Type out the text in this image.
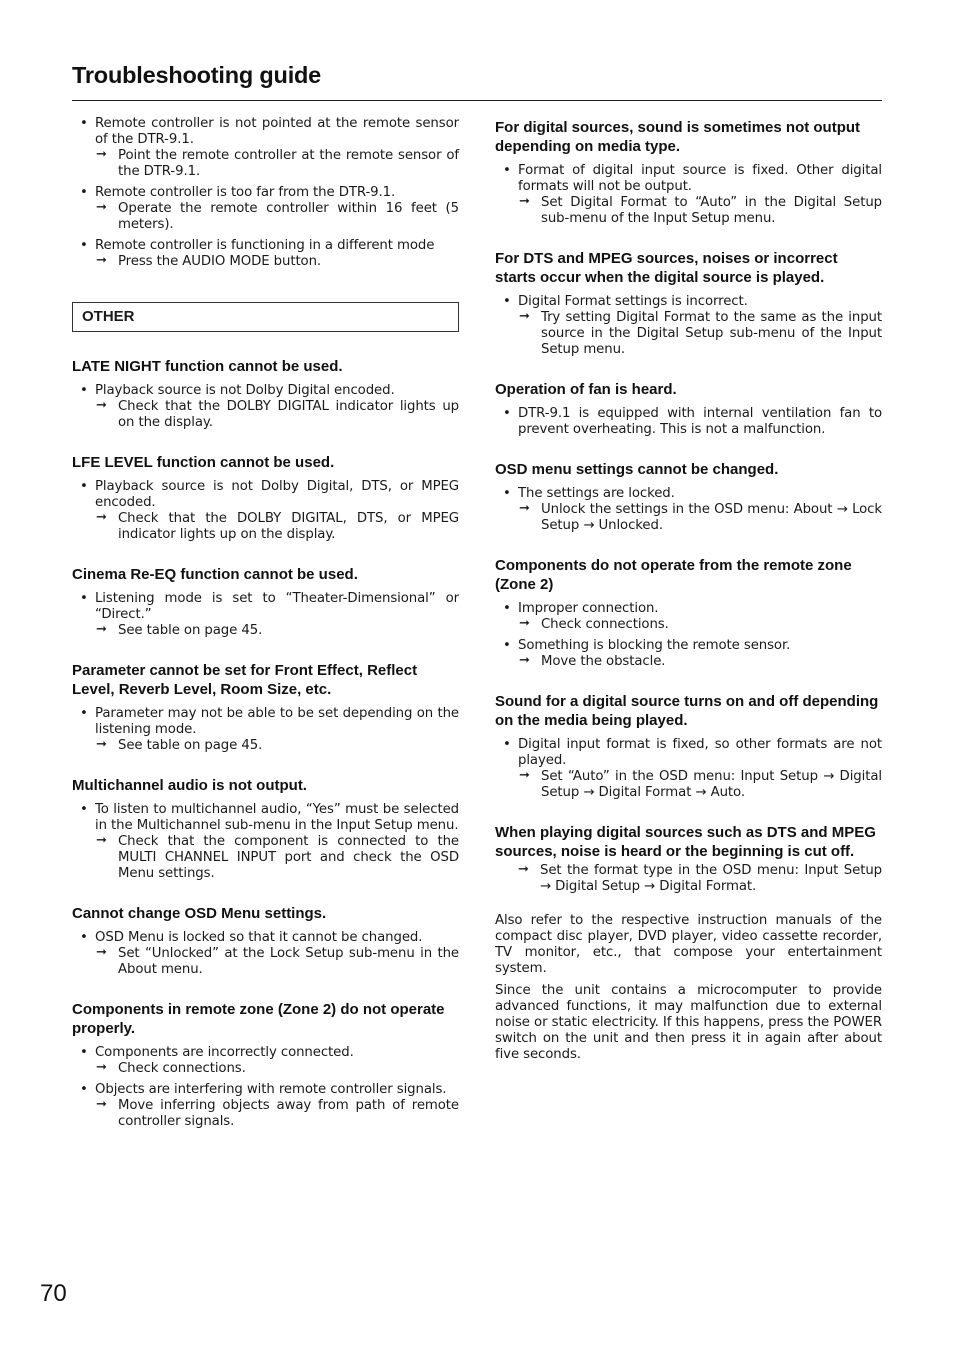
Troubleshooting guide
• Remote controller is not pointed at the remote sensor of the DTR-9.1.
➞ Point the remote controller at the remote sensor of the DTR-9.1.
• Remote controller is too far from the DTR-9.1.
➞ Operate the remote controller within 16 feet (5 meters).
• Remote controller is functioning in a different mode
➞ Press the AUDIO MODE button.
OTHER
LATE NIGHT function cannot be used.
• Playback source is not Dolby Digital encoded.
➞ Check that the DOLBY DIGITAL indicator lights up on the display.
LFE LEVEL function cannot be used.
• Playback source is not Dolby Digital, DTS, or MPEG encoded.
➞ Check that the DOLBY DIGITAL, DTS, or MPEG indicator lights up on the display.
Cinema Re-EQ function cannot be used.
• Listening mode is set to “Theater-Dimensional” or “Direct.”
➞ See table on page 45.
Parameter cannot be set for Front Effect, Reflect Level, Reverb Level, Room Size, etc.
• Parameter may not be able to be set depending on the listening mode.
➞ See table on page 45.
Multichannel audio is not output.
• To listen to multichannel audio, “Yes” must be selected in the Multichannel sub-menu in the Input Setup menu.
➞ Check that the component is connected to the MULTI CHANNEL INPUT port and check the OSD Menu settings.
Cannot change OSD Menu settings.
• OSD Menu is locked so that it cannot be changed.
➞ Set “Unlocked” at the Lock Setup sub-menu in the About menu.
Components in remote zone (Zone 2) do not operate properly.
• Components are incorrectly connected.
➞ Check connections.
• Objects are interfering with remote controller signals.
➞ Move inferring objects away from path of remote controller signals.
For digital sources, sound is sometimes not output depending on media type.
• Format of digital input source is fixed. Other digital formats will not be output.
➞ Set Digital Format to “Auto” in the Digital Setup sub-menu of the Input Setup menu.
For DTS and MPEG sources, noises or incorrect starts occur when the digital source is played.
• Digital Format settings is incorrect.
➞ Try setting Digital Format to the same as the input source in the Digital Setup sub-menu of the Input Setup menu.
Operation of fan is heard.
• DTR-9.1 is equipped with internal ventilation fan to prevent overheating. This is not a malfunction.
OSD menu settings cannot be changed.
• The settings are locked.
➞ Unlock the settings in the OSD menu: About → Lock Setup → Unlocked.
Components do not operate from the remote zone (Zone 2)
• Improper connection.
➞ Check connections.
• Something is blocking the remote sensor.
➞ Move the obstacle.
Sound for a digital source turns on and off depending on the media being played.
• Digital input format is fixed, so other formats are not played.
➞ Set “Auto” in the OSD menu: Input Setup → Digital Setup → Digital Format → Auto.
When playing digital sources such as DTS and MPEG sources, noise is heard or the beginning is cut off.
➞ Set the format type in the OSD menu: Input Setup → Digital Setup → Digital Format.

Also refer to the respective instruction manuals of the compact disc player, DVD player, video cassette recorder, TV monitor, etc., that compose your entertainment system.

Since the unit contains a microcomputer to provide advanced functions, it may malfunction due to external noise or static electricity. If this happens, press the POWER switch on the unit and then press it in again after about five seconds.

70
